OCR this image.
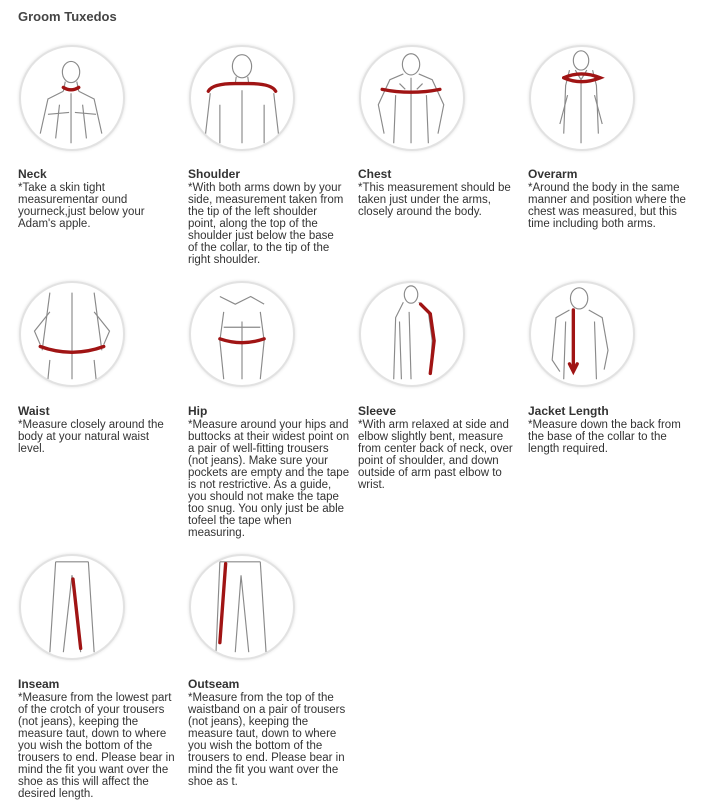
Groom Tuxedos
Neck
*Take a skin tight measurementar ound yourneck,just below your Adam's apple.
Shoulder
*With both arms down by your side, measurement taken from the tip of the left shoulder point, along the top of the shoulder just below the base of the collar, to the tip of the right shoulder.
Chest
*This measurement should be taken just under the arms, closely around the body.
Overarm
*Around the body in the same manner and position where the chest was measured, but this time including both arms.
Waist
*Measure closely around the body at your natural waist level.
Hip
*Measure around your hips and buttocks at their widest point on a pair of well-fitting trousers (not jeans). Make sure your pockets are empty and the tape is not restrictive. As a guide, you should not make the tape too snug. You only just be able tofeel the tape when measuring.
Sleeve
*With arm relaxed at side and elbow slightly bent, measure from center back of neck, over point of shoulder, and down outside of arm past elbow to wrist.
Jacket Length
*Measure down the back from the base of the collar to the length required.
Inseam
*Measure from the lowest part of the crotch of your trousers (not jeans), keeping the measure taut, down to where you wish the bottom of the trousers to end. Please bear in mind the fit you want over the shoe as this will affect the desired length.
Outseam
*Measure from the top of the waistband on a pair of trousers (not jeans), keeping the measure taut, down to where you wish the bottom of the trousers to end. Please bear in mind the fit you want over the shoe as t.
